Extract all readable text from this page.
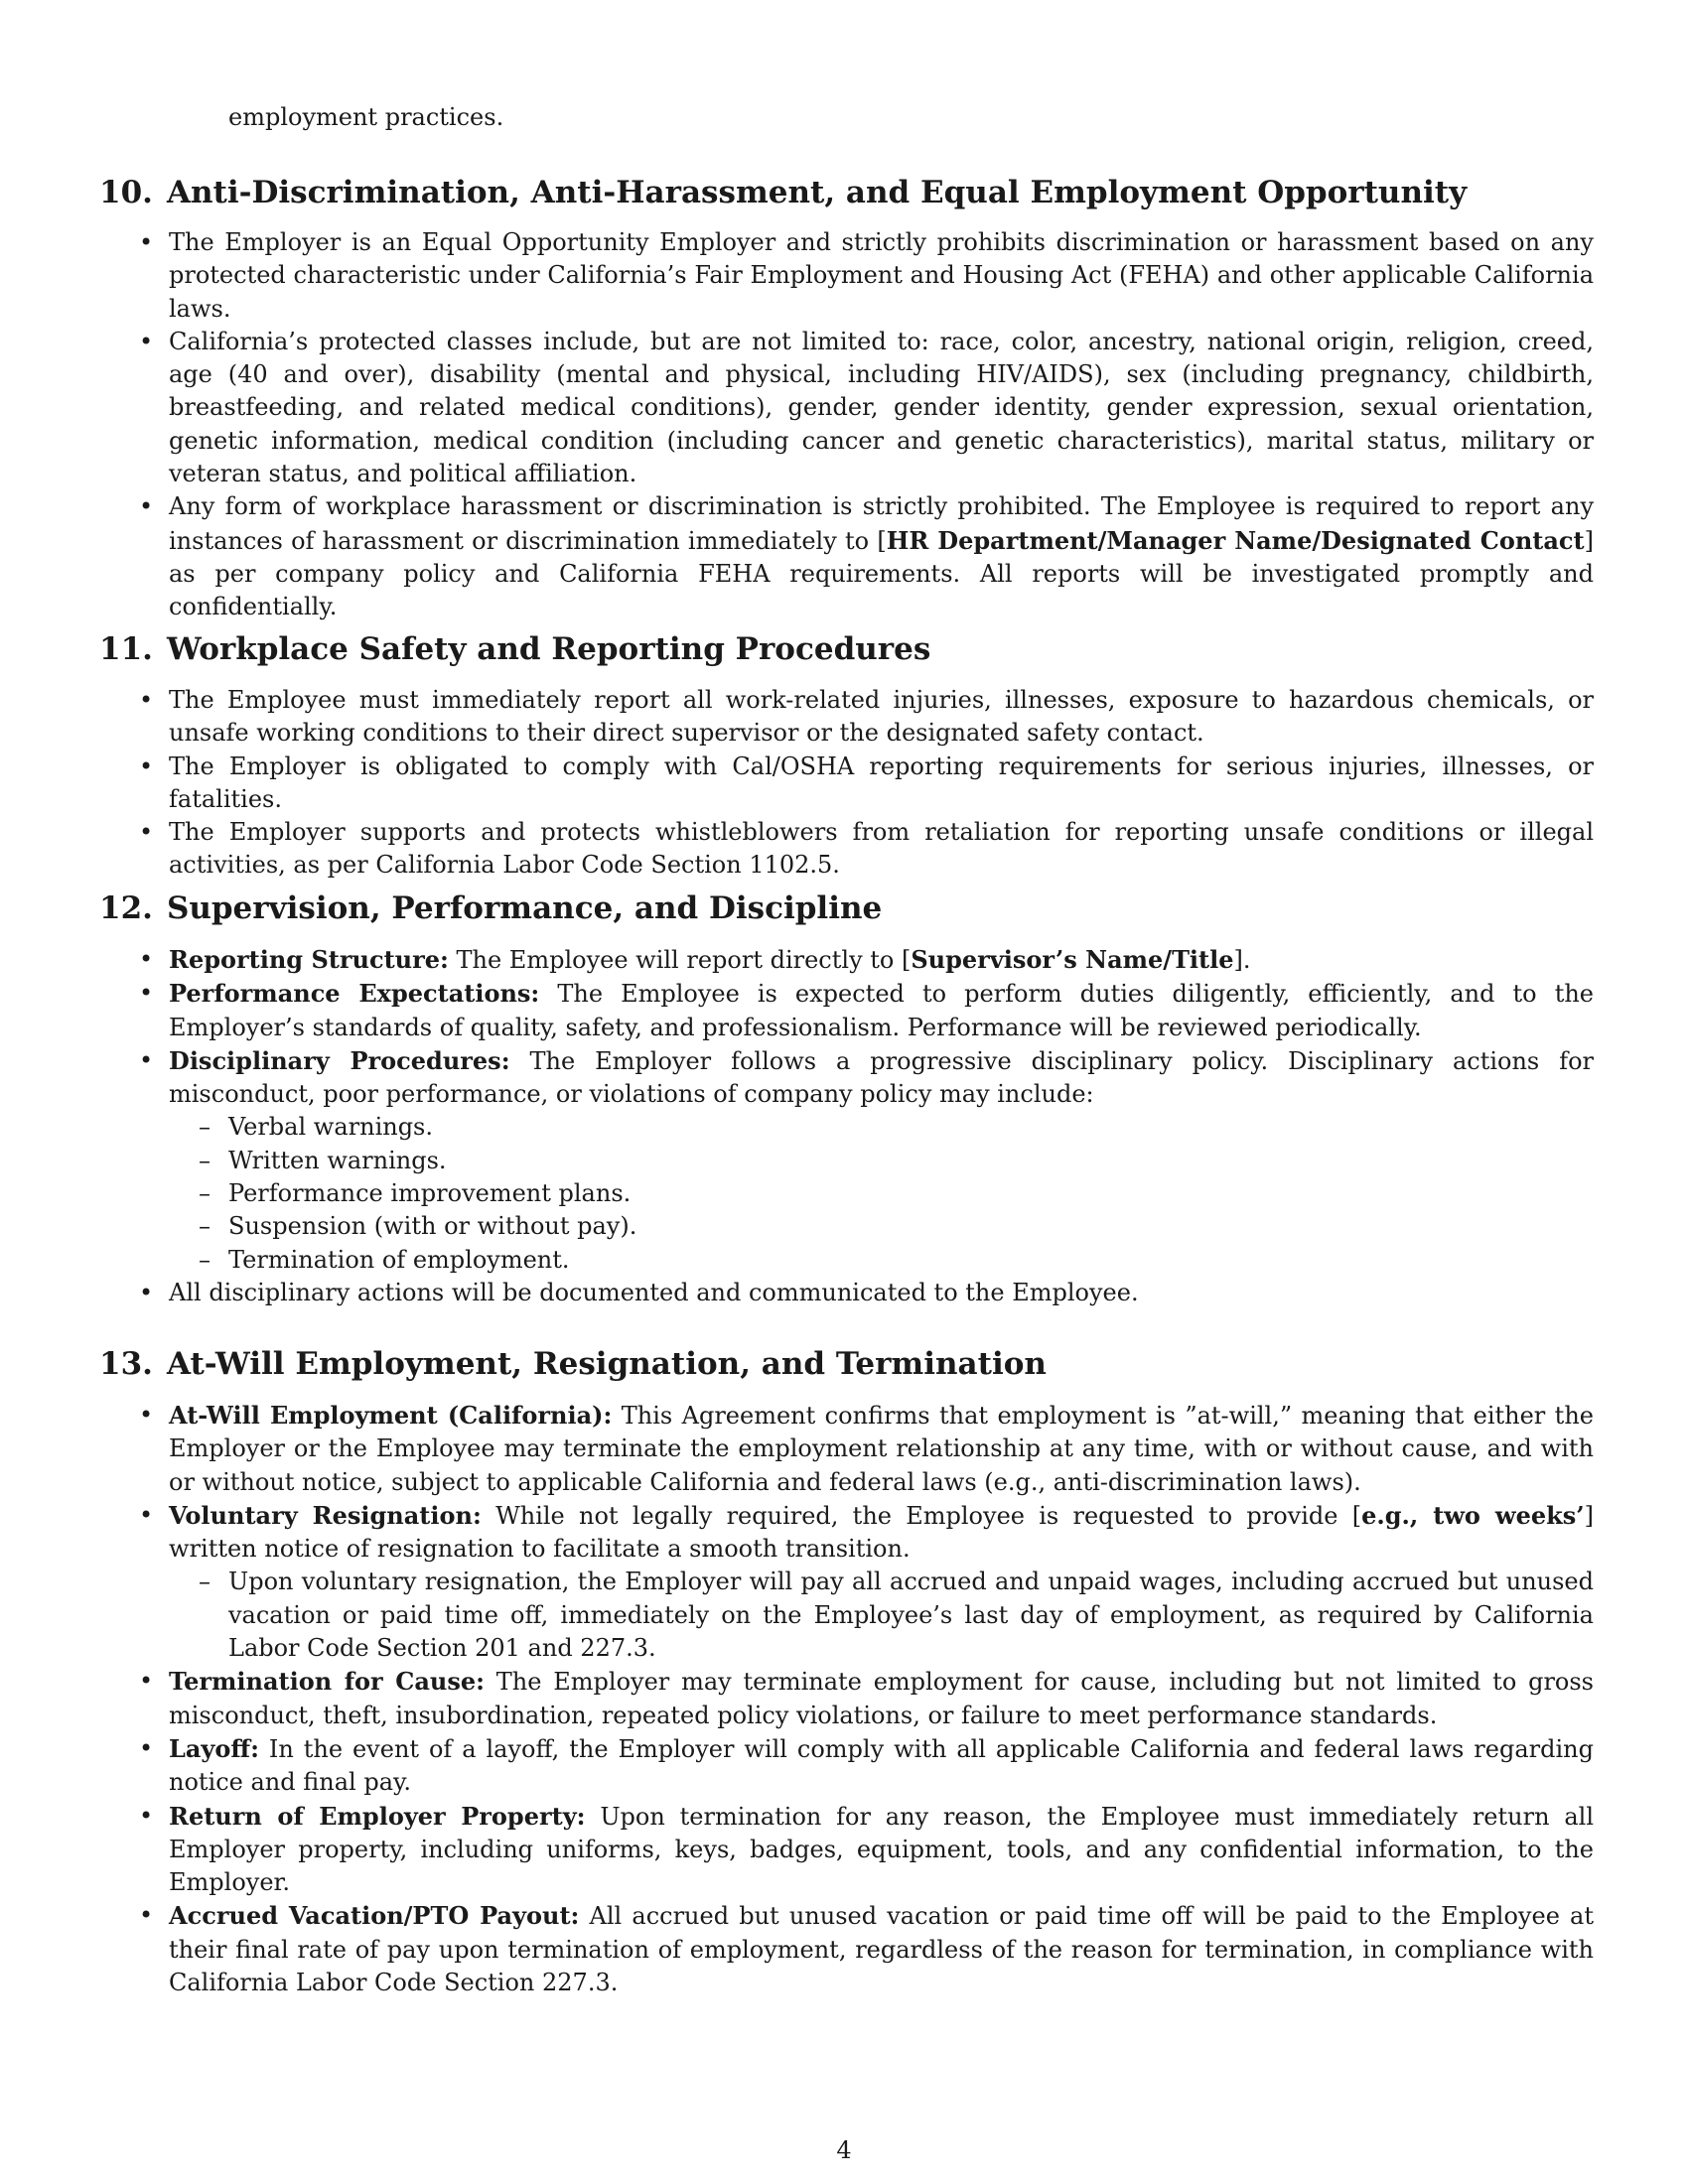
employment practices.
10. Anti-Discrimination, Anti-Harassment, and Equal Employment Opportunity
• The Employer is an Equal Opportunity Employer and strictly prohibits discrimination or harassment based on any protected characteristic under California’s Fair Employment and Housing Act (FEHA) and other applicable California laws.
• California’s protected classes include, but are not limited to: race, color, ancestry, national origin, religion, creed, age (40 and over), disability (mental and physical, including HIV/AIDS), sex (including pregnancy, childbirth, breastfeeding, and related medical conditions), gender, gender identity, gender expression, sexual orientation, genetic information, medical condition (including cancer and genetic characteristics), marital status, military or veteran status, and political affiliation.
• Any form of workplace harassment or discrimination is strictly prohibited. The Employee is required to report any instances of harassment or discrimination immediately to [HR Department/Manager Name/Designated Contact] as per company policy and California FEHA requirements. All reports will be investigated promptly and confidentially.
11. Workplace Safety and Reporting Procedures
• The Employee must immediately report all work-related injuries, illnesses, exposure to hazardous chemicals, or unsafe working conditions to their direct supervisor or the designated safety contact.
• The Employer is obligated to comply with Cal/OSHA reporting requirements for serious injuries, illnesses, or fatalities.
• The Employer supports and protects whistleblowers from retaliation for reporting unsafe conditions or illegal activities, as per California Labor Code Section 1102.5.
12. Supervision, Performance, and Discipline
• Reporting Structure: The Employee will report directly to [Supervisor’s Name/Title].
• Performance Expectations: The Employee is expected to perform duties diligently, efficiently, and to the Employer’s standards of quality, safety, and professionalism. Performance will be reviewed periodically.
• Disciplinary Procedures: The Employer follows a progressive disciplinary policy. Disciplinary actions for misconduct, poor performance, or violations of company policy may include:
– Verbal warnings.
– Written warnings.
– Performance improvement plans.
– Suspension (with or without pay).
– Termination of employment.
• All disciplinary actions will be documented and communicated to the Employee.
13. At-Will Employment, Resignation, and Termination
• At-Will Employment (California): This Agreement confirms that employment is ”at-will,” meaning that either the Employer or the Employee may terminate the employment relationship at any time, with or without cause, and with or without notice, subject to applicable California and federal laws (e.g., anti-discrimination laws).
• Voluntary Resignation: While not legally required, the Employee is requested to provide [e.g., two weeks’] written notice of resignation to facilitate a smooth transition.
– Upon voluntary resignation, the Employer will pay all accrued and unpaid wages, including accrued but unused vacation or paid time off, immediately on the Employee’s last day of employment, as required by California Labor Code Section 201 and 227.3.
• Termination for Cause: The Employer may terminate employment for cause, including but not limited to gross misconduct, theft, insubordination, repeated policy violations, or failure to meet performance standards.
• Layoff: In the event of a layoff, the Employer will comply with all applicable California and federal laws regarding notice and final pay.
• Return of Employer Property: Upon termination for any reason, the Employee must immediately return all Employer property, including uniforms, keys, badges, equipment, tools, and any confidential information, to the Employer.
• Accrued Vacation/PTO Payout: All accrued but unused vacation or paid time off will be paid to the Employee at their final rate of pay upon termination of employment, regardless of the reason for termination, in compliance with California Labor Code Section 227.3.
4
